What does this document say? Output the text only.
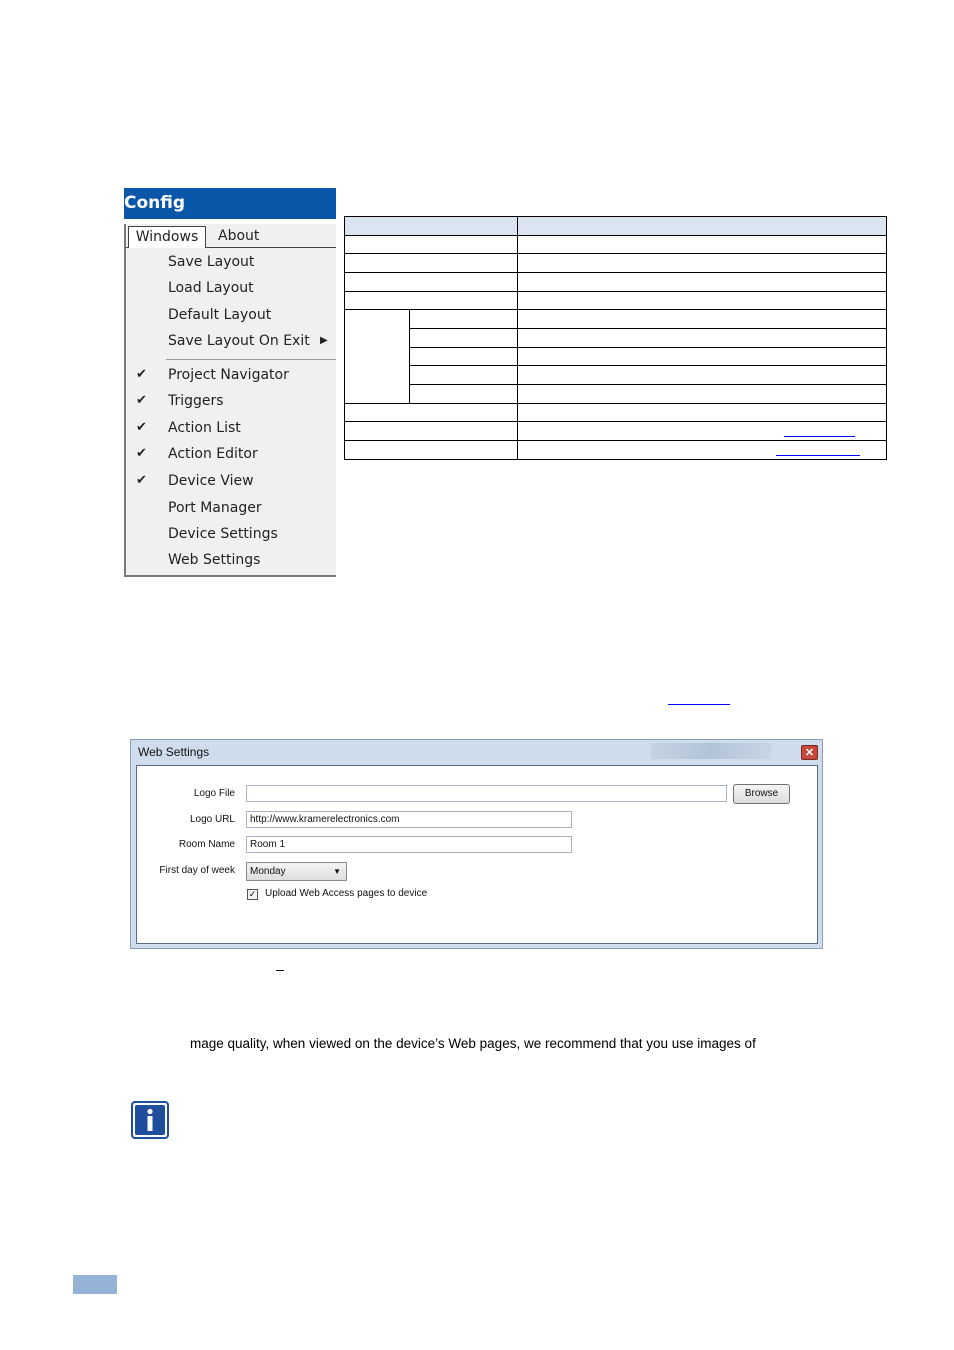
Config
Windows	About
Save Layout
Load Layout
Default Layout
Save Layout On Exit ▶
✔ Project Navigator
✔ Triggers
✔ Action List
✔ Action Editor
✔ Device View
Port Manager
Device Settings
Web Settings
Web Settings	✕
Logo File	Browse
Logo URL	http://www.kramerelectronics.com
Room Name	Room 1
First day of week	Monday	▼
✓ Upload Web Access pages to device
mage quality, when viewed on the device’s Web pages, we recommend that you use images of
